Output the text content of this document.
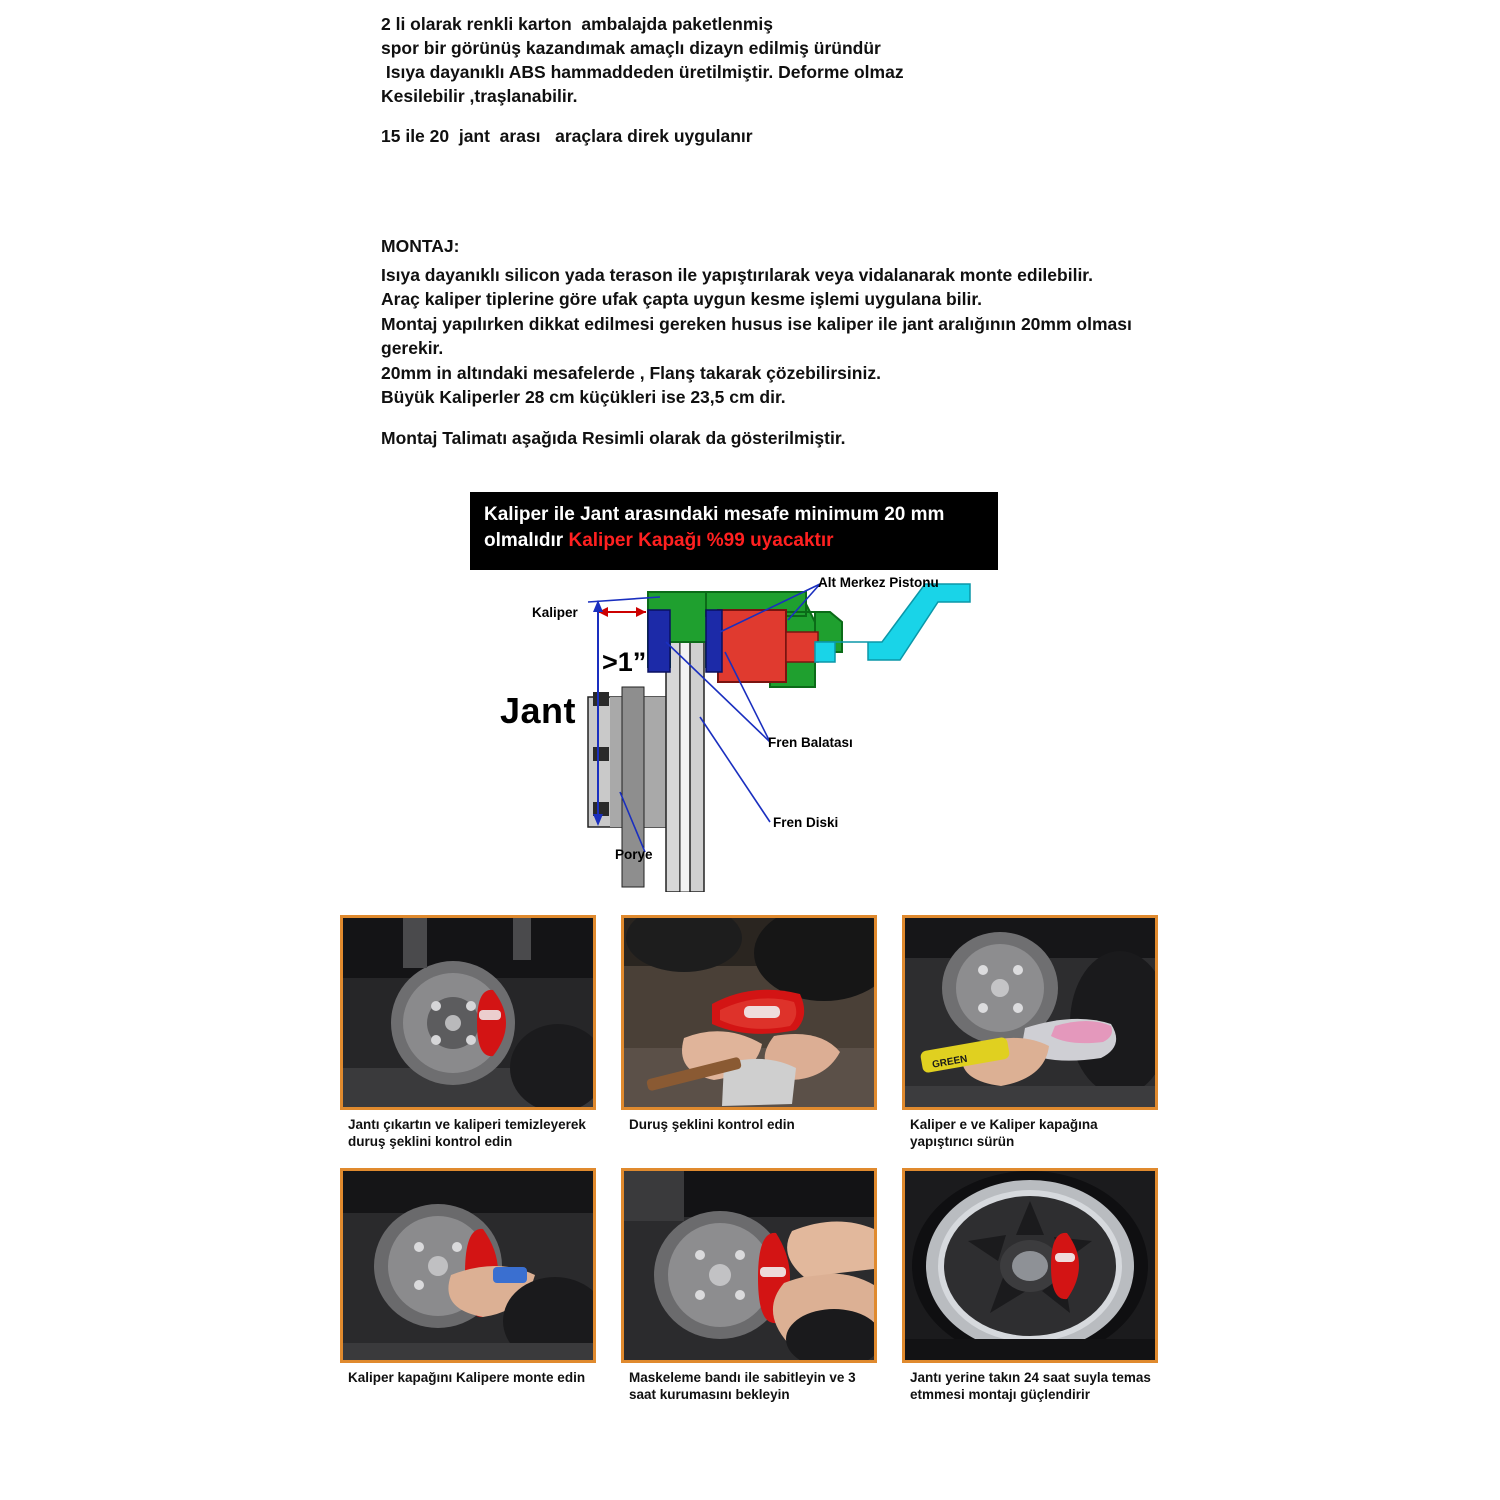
2 li olarak renkli karton  ambalajda paketlenmiş
spor bir görünüş kazandımak amaçlı dizayn edilmiş üründür
Isıya dayanıklı ABS hammaddeden üretilmiştir. Deforme olmaz
Kesilebilir ,traşlanabilir.
15 ile 20  jant  arası   araçlara direk uygulanır
MONTAJ:
Isıya dayanıklı silicon yada terason ile yapıştırılarak veya vidalanarak monte edilebilir.
Araç kaliper tiplerine göre ufak çapta uygun kesme işlemi uygulana bilir.
Montaj yapılırken dikkat edilmesi gereken husus ise kaliper ile jant aralığının 20mm olması
gerekir.
20mm in altındaki mesafelerde , Flanş takarak çözebilirsiniz.
Büyük Kaliperler 28 cm küçükleri ise 23,5 cm dir.
Montaj Talimatı aşağıda Resimli olarak da gösterilmiştir.
Kaliper ile Jant arasındaki mesafe minimum 20 mm olmalıdır Kaliper Kapağı %99 uyacaktır
Jant
>1”
Kaliper
Alt Merkez Pistonu
Fren Balatası
Fren Diski
Porye
Jantı çıkartın ve kaliperi temizleyerek duruş şeklini kontrol edin
Duruş şeklini kontrol edin
GREEN
Kaliper e ve Kaliper kapağına yapıştırıcı sürün
Kaliper kapağını Kalipere monte edin	Maskeleme bandı ile sabitleyin ve 3 saat kurumasını bekleyin
Jantı yerine takın 24 saat suyla temas etmmesi montajı güçlendirir
